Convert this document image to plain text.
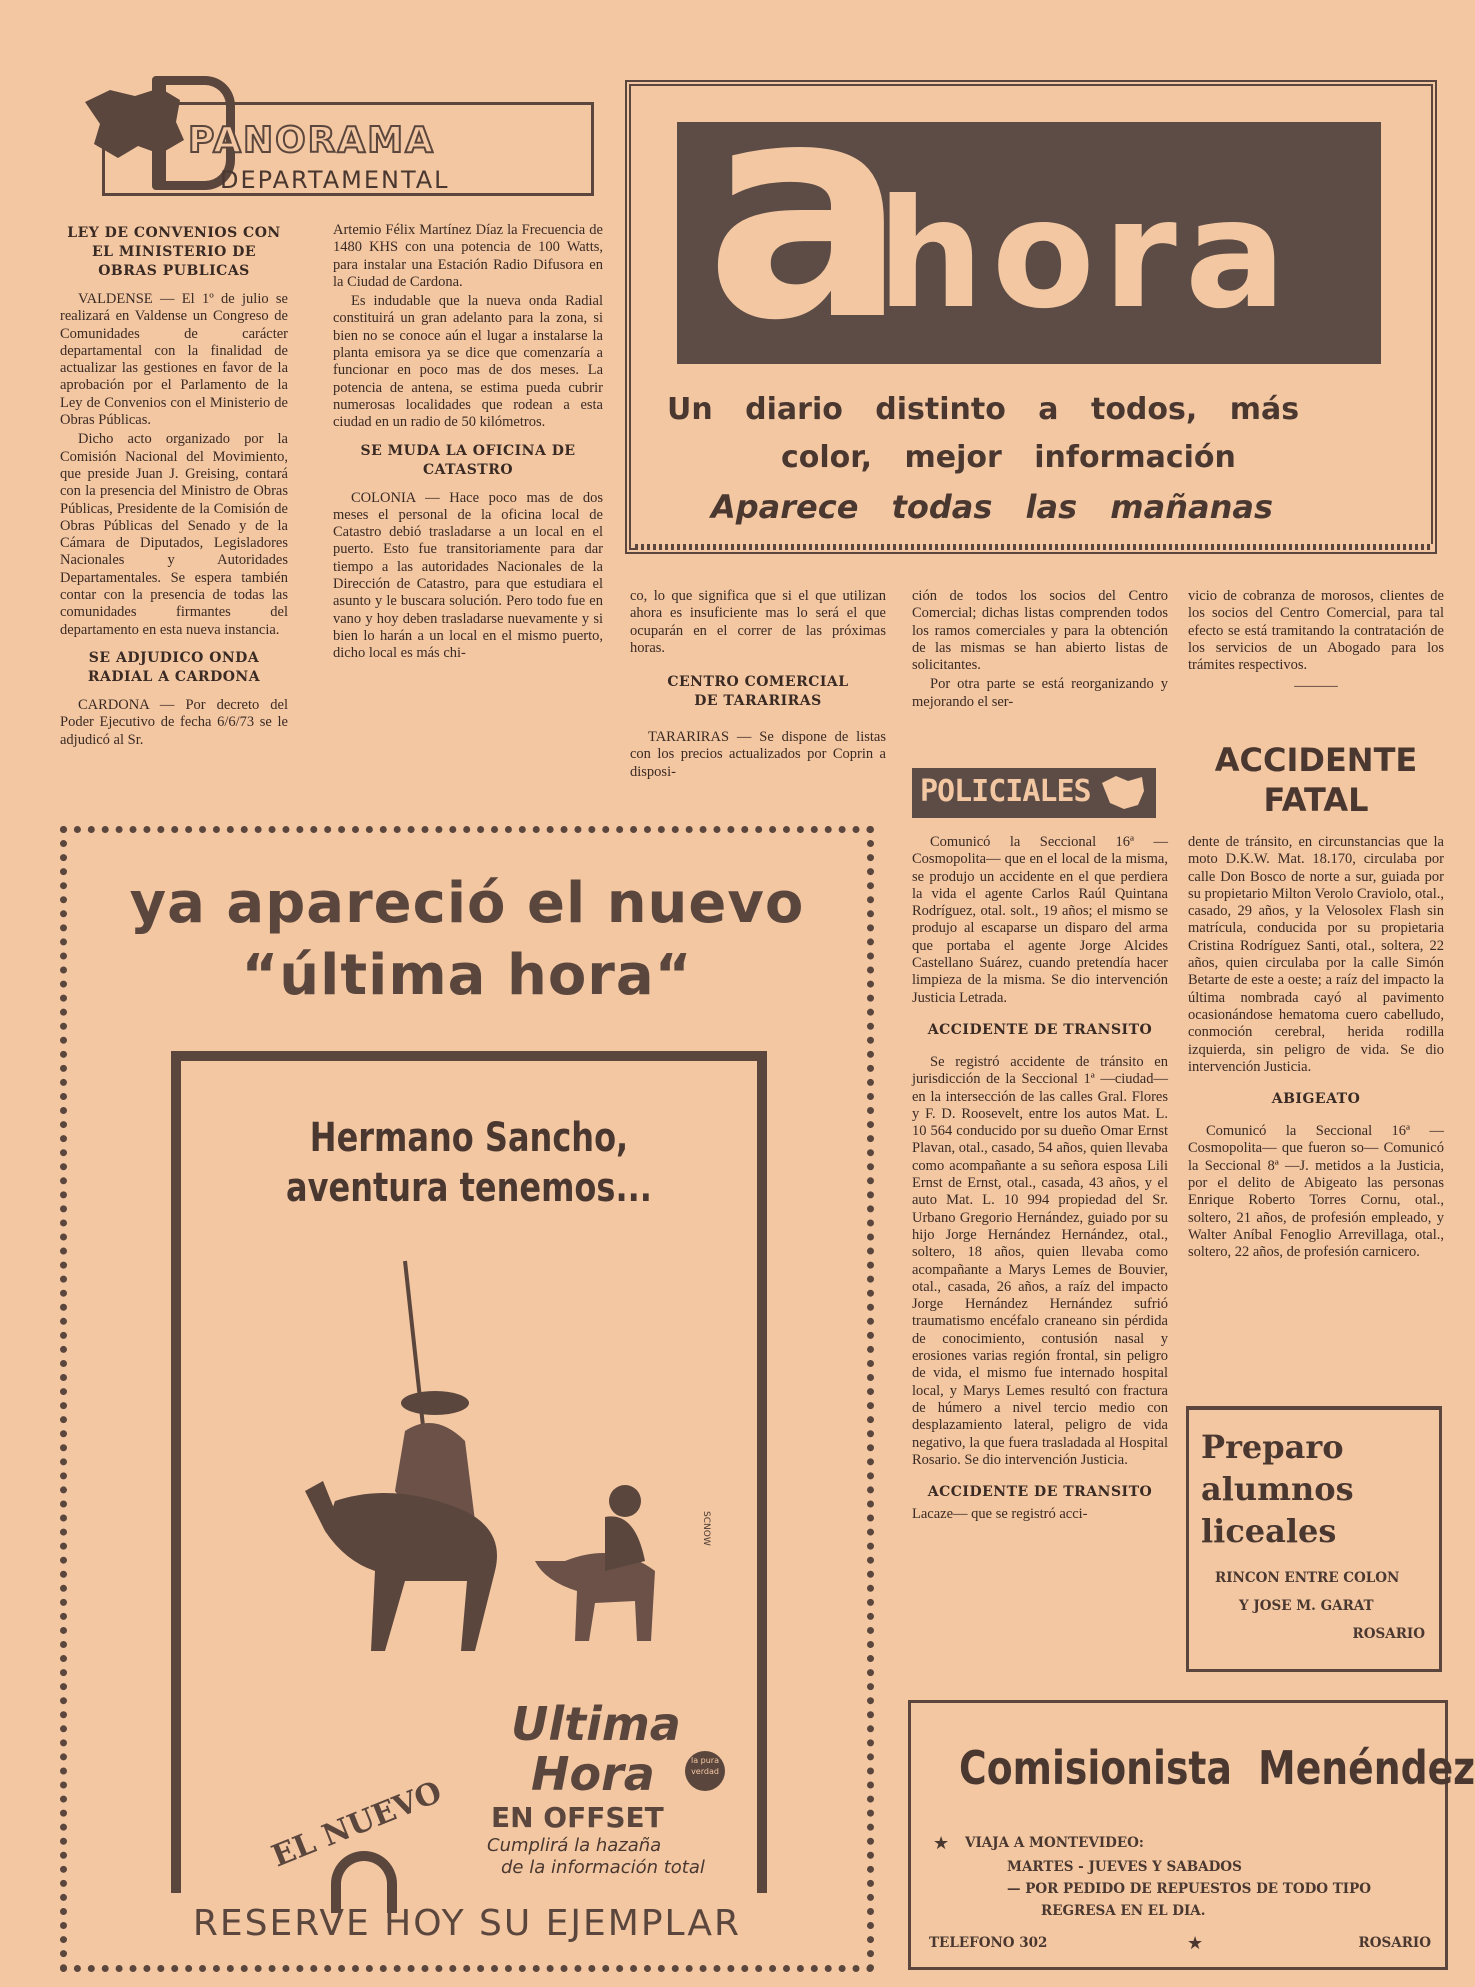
PANORAMA
DEPARTAMENTAL
LEY DE CONVENIOS CON EL MINISTERIO DE OBRAS PUBLICAS

VALDENSE — El 1º de julio se realizará en Valdense un Congreso de Comunidades de carácter departamental con la finalidad de actualizar las gestiones en favor de la aprobación por el Parlamento de la Ley de Convenios con el Ministerio de Obras Públicas.

Dicho acto organizado por la Comisión Nacional del Movimiento, que preside Juan J. Greising, contará con la presencia del Ministro de Obras Públicas, Presidente de la Comisión de Obras Públicas del Senado y de la Cámara de Diputados, Legisladores Nacionales y Autoridades Departamentales. Se espera también contar con la presencia de todas las comunidades firmantes del departamento en esta nueva instancia.

SE ADJUDICO ONDA RADIAL A CARDONA

CARDONA — Por decreto del Poder Ejecutivo de fecha 6/6/73 se le adjudicó al Sr.

Artemio Félix Martínez Díaz la Frecuencia de 1480 KHS con una potencia de 100 Watts, para instalar una Estación Radio Difusora en la Ciudad de Cardona.

Es indudable que la nueva onda Radial constituirá un gran adelanto para la zona, si bien no se conoce aún el lugar a instalarse la planta emisora ya se dice que comenzaría a funcionar en poco mas de dos meses. La potencia de antena, se estima pueda cubrir numerosas localidades que rodean a esta ciudad en un radio de 50 kilómetros.

SE MUDA LA OFICINA DE CATASTRO

COLONIA — Hace poco mas de dos meses el personal de la oficina local de Catastro debió trasladarse a un local en el puerto. Esto fue transitoriamente para dar tiempo a las autoridades Nacionales de la Dirección de Catastro, para que estudiara el asunto y le buscara solución. Pero todo fue en vano y hoy deben trasladarse nuevamente y si bien lo harán a un local en el mismo puerto, dicho local es más chi-

a
hora
Un diario distinto a todos, más
color, mejor información
Aparece todas las mañanas

co, lo que significa que si el que utilizan ahora es insuficiente mas lo será el que ocuparán en el correr de las próximas horas.

CENTRO COMERCIAL DE TARARIRAS

TARARIRAS — Se dispone de listas con los precios actualizados por Coprin a disposi-

ción de todos los socios del Centro Comercial; dichas listas comprenden todos los ramos comerciales y para la obtención de las mismas se han abierto listas de solicitantes.

Por otra parte se está reorganizando y mejorando el ser-

vicio de cobranza de morosos, clientes de los socios del Centro Comercial, para tal efecto se está tramitando la contratación de los servicios de un Abogado para los trámites respectivos.

———
POLICIALES
ACCIDENTE
FATAL

Comunicó la Seccional 16ª —Cosmopolita— que en el local de la misma, se produjo un accidente en el que perdiera la vida el agente Carlos Raúl Quintana Rodríguez, otal. solt., 19 años; el mismo se produjo al escaparse un disparo del arma que portaba el agente Jorge Alcides Castellano Suárez, cuando pretendía hacer limpieza de la misma. Se dio intervención Justicia Letrada.

ACCIDENTE DE TRANSITO

Se registró accidente de tránsito en jurisdicción de la Seccional 1ª —ciudad— en la intersección de las calles Gral. Flores y F. D. Roosevelt, entre los autos Mat. L. 10 564 conducido por su dueño Omar Ernst Plavan, otal., casado, 54 años, quien llevaba como acompañante a su señora esposa Lili Ernst de Ernst, otal., casada, 43 años, y el auto Mat. L. 10 994 propiedad del Sr. Urbano Gregorio Hernández, guiado por su hijo Jorge Hernández Hernández, otal., soltero, 18 años, quien llevaba como acompañante a Marys Lemes de Bouvier, otal., casada, 26 años, a raíz del impacto Jorge Hernández Hernández sufrió traumatismo encéfalo craneano sin pérdida de conocimiento, contusión nasal y erosiones varias región frontal, sin peligro de vida, el mismo fue internado hospital local, y Marys Lemes resultó con fractura de húmero a nivel tercio medio con desplazamiento lateral, peligro de vida negativo, la que fuera trasladada al Hospital Rosario. Se dio intervención Justicia.

ACCIDENTE DE TRANSITO

Lacaze— que se registró acci-

dente de tránsito, en circunstancias que la moto D.K.W. Mat. 18.170, circulaba por calle Don Bosco de norte a sur, guiada por su propietario Milton Verolo Craviolo, otal., casado, 29 años, y la Velosolex Flash sin matrícula, conducida por su propietaria Cristina Rodríguez Santi, otal., soltera, 22 años, quien circulaba por la calle Simón Betarte de este a oeste; a raíz del impacto la última nombrada cayó al pavimento ocasionándose hematoma cuero cabelludo, conmoción cerebral, herida rodilla izquierda, sin peligro de vida. Se dio intervención Justicia.

ABIGEATO

Comunicó la Seccional 16ª —Cosmopolita— que fueron so— Comunicó la Seccional 8ª —J. metidos a la Justicia, por el delito de Abigeato las personas Enrique Roberto Torres Cornu, otal., soltero, 21 años, de profesión empleado, y Walter Aníbal Fenoglio Arrevillaga, otal., soltero, 22 años, de profesión carnicero.

ya apareció el nuevo
“última hora“
Hermano Sancho,
aventura tenemos...
SCNOW
Ultima
Hora	la pura verdad
EL NUEVO EN OFFSET
Cumplirá la hazaña
de la información total
RESERVE HOY SU EJEMPLAR
Preparo
alumnos
liceales
RINCON ENTRE COLON
Y JOSE M. GARAT
ROSARIO
Comisionista  Menéndez
★ VIAJA A MONTEVIDEO:
MARTES - JUEVES Y SABADOS
— POR PEDIDO DE REPUESTOS DE TODO TIPO
REGRESA EN EL DIA.
TELEFONO 302	★	ROSARIO
